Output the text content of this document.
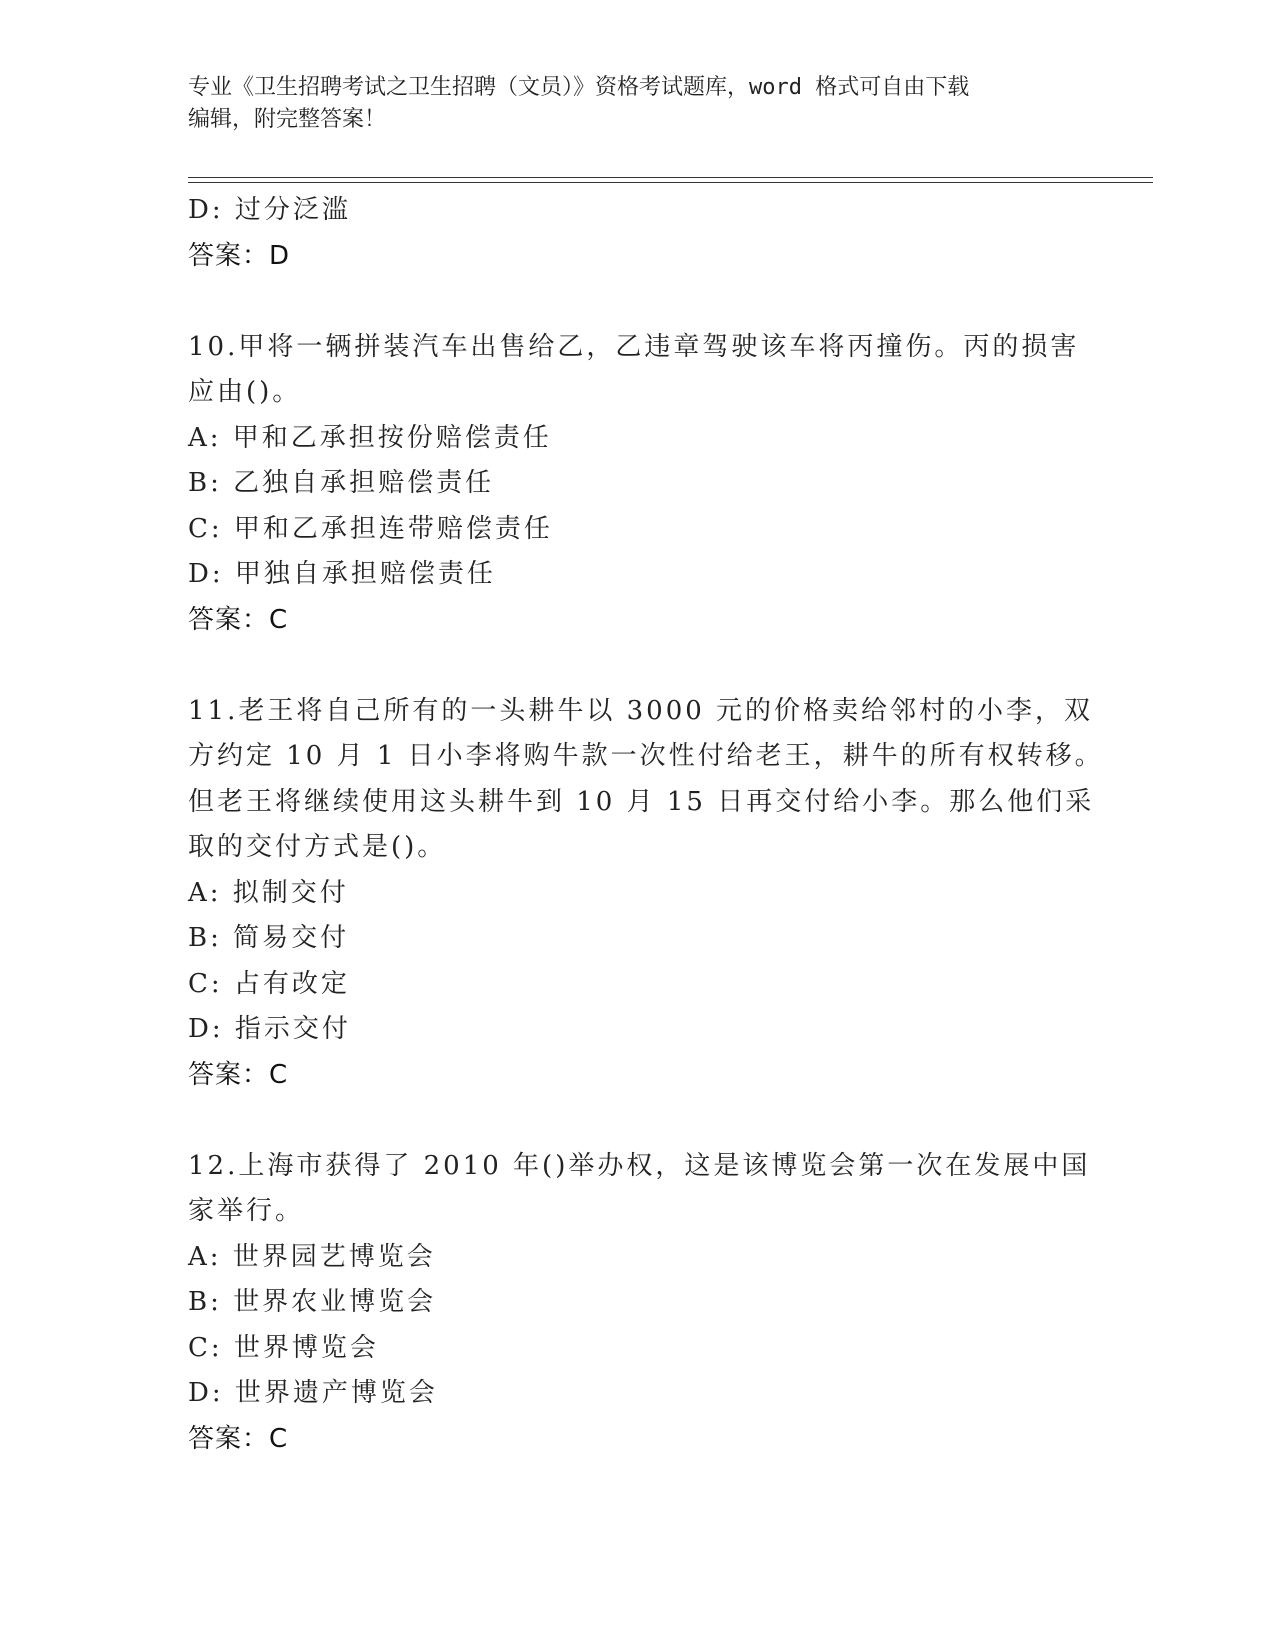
专业《卫生招聘考试之卫生招聘（文员）》资格考试题库，word 格式可自由下载
编辑，附完整答案！
D: 过分泛滥
答案：D
10.甲将一辆拼装汽车出售给乙，乙违章驾驶该车将丙撞伤。丙的损害
应由()。
A: 甲和乙承担按份赔偿责任
B: 乙独自承担赔偿责任
C: 甲和乙承担连带赔偿责任
D: 甲独自承担赔偿责任
答案：C
11.老王将自己所有的一头耕牛以 3000 元的价格卖给邻村的小李，双
方约定 10 月 1 日小李将购牛款一次性付给老王，耕牛的所有权转移。
但老王将继续使用这头耕牛到 10 月 15 日再交付给小李。那么他们采
取的交付方式是()。
A: 拟制交付
B: 简易交付
C: 占有改定
D: 指示交付
答案：C
12.上海市获得了 2010 年()举办权，这是该博览会第一次在发展中国
家举行。
A: 世界园艺博览会
B: 世界农业博览会
C: 世界博览会
D: 世界遗产博览会
答案：C
